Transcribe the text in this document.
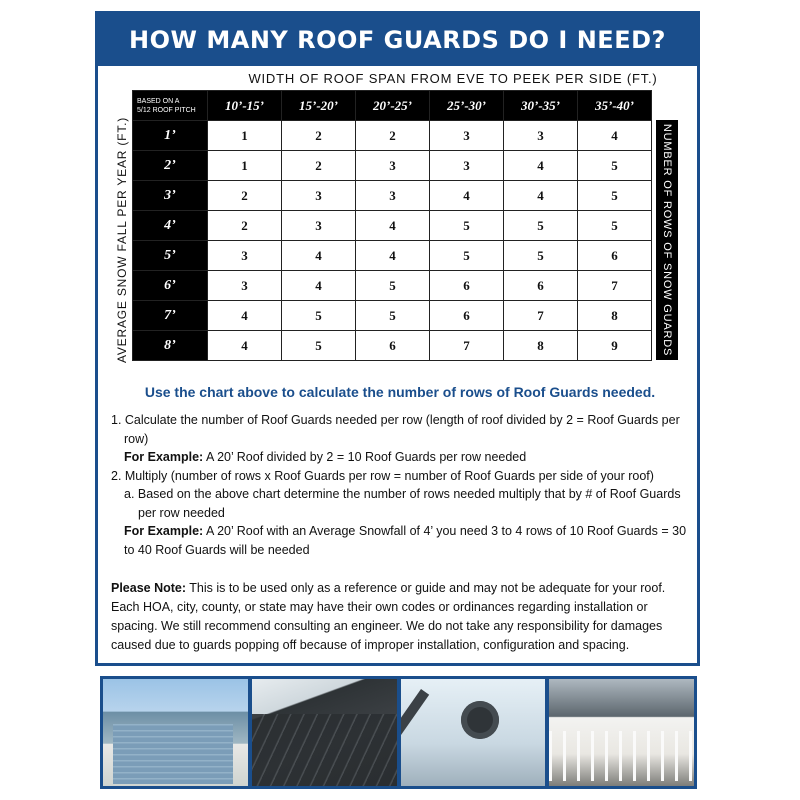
HOW MANY ROOF GUARDS DO I NEED?
WIDTH OF ROOF SPAN FROM EVE TO PEEK PER SIDE (FT.)
BASED ON A
5/12 ROOF PITCH	10’-15’	15’-20’	20’-25’	25’-30’	30’-35’	35’-40’
1’	1	2	2	3	3	4
2’	1	2	3	3	4	5
3’	2	3	3	4	4	5
4’	2	3	4	5	5	5
5’	3	4	4	5	5	6
6’	3	4	5	6	6	7
7’	4	5	5	6	7	8
8’	4	5	6	7	8	9
AVERAGE SNOW FALL PER YEAR (FT.)	NUMBER OF ROWS OF SNOW GUARDS
Use the chart above to calculate the number of rows of Roof Guards needed.

1. Calculate the number of Roof Guards needed per row (length of roof divided by 2 = Roof Guards per row)

For Example: A 20’ Roof divided by 2 = 10 Roof Guards per row needed

2. Multiply (number of rows x Roof Guards per row = number of Roof Guards per side of your roof)

a. Based on the above chart determine the number of rows needed multiply that by # of Roof Guards per row needed

For Example: A 20’ Roof with an Average Snowfall of 4’ you need 3 to 4 rows of 10 Roof Guards = 30 to 40 Roof Guards will be needed

Please Note: This is to be used only as a reference or guide and may not be adequate for your roof. Each HOA, city, county, or state may have their own codes or ordinances regarding installation or spacing. We still recommend consulting an engineer. We do not take any responsibility for damages caused due to guards popping off because of improper installation, configuration and spacing.
